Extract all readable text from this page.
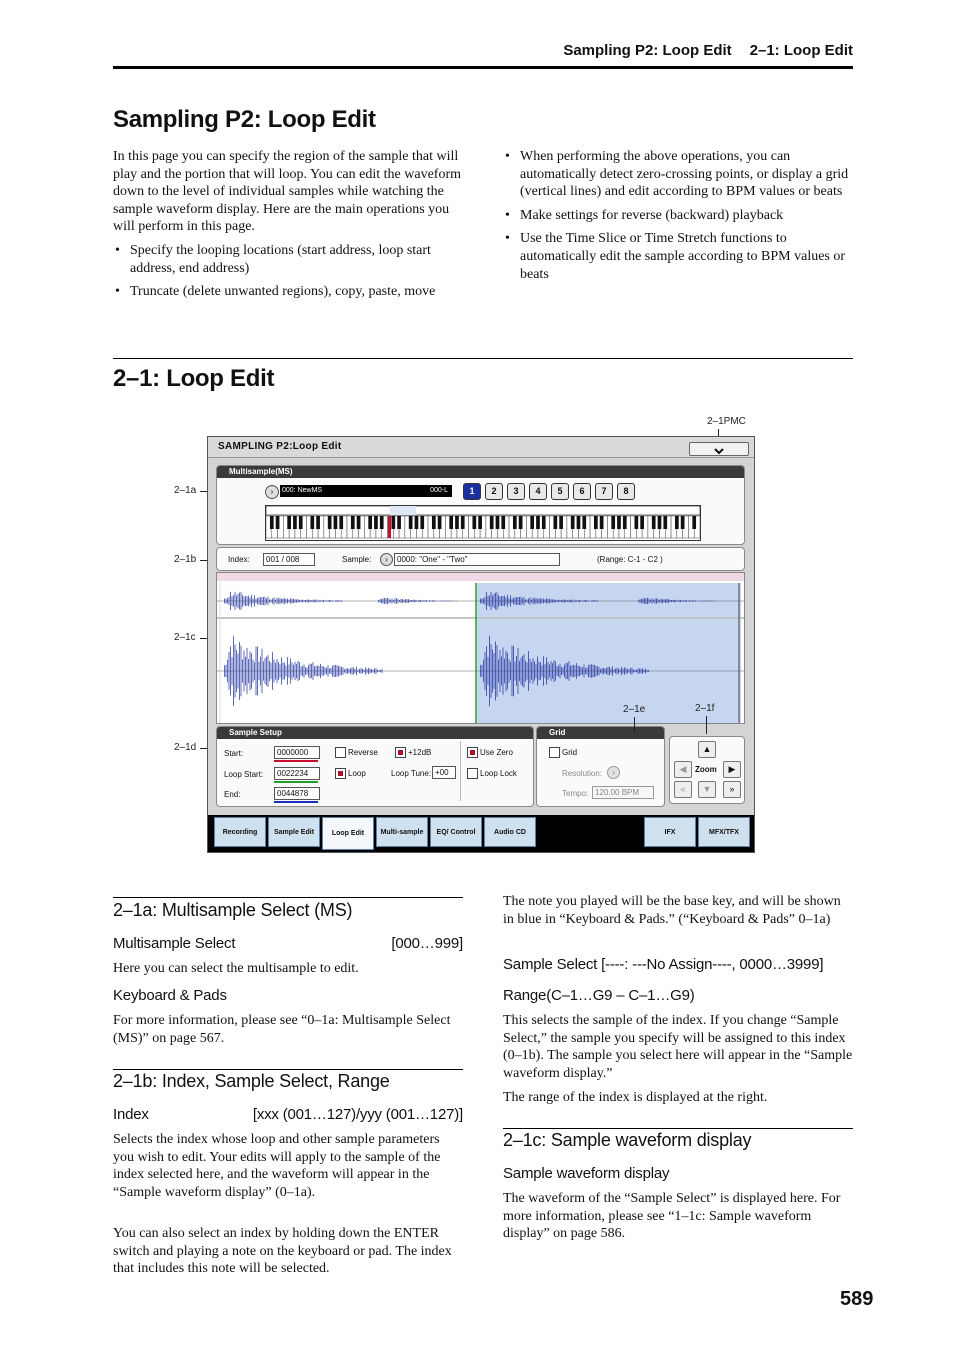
Sampling P2: Loop Edit 2–1: Loop Edit
Sampling P2: Loop Edit

In this page you can specify the region of the sample that will play and the portion that will loop. You can edit the waveform down to the level of individual samples while watching the sample waveform display. Here are the main operations you will perform in this page.

• Specify the looping locations (start address, loop start address, end address)
• Truncate (delete unwanted regions), copy, paste, move
• When performing the above operations, you can automatically detect zero-crossing points, or display a grid (vertical lines) and edit according to BPM values or beats
• Make settings for reverse (backward) playback
• Use the Time Slice or Time Stretch functions to automatically edit the sample according to BPM values or beats
2–1: Loop Edit
2–1PMC
2–1a
2–1b
2–1c
2–1d
SAMPLING P2:Loop Edit
Multisample(MS)
›	000: NewMS	000-L	1	2	3	4	5	6	7	8
Index:	001 / 008	Sample:	›	0000: "One" - "Two"	(Range: C-1 - C2 )
Sample Setup
Start:	0000000
Loop Start:	0022234
End:	0044878
Reverse	+12dB
Loop	Loop Tune: +00
Use Zero
Loop Lock
Grid
Grid
Resolution:	›
Tempo: 120.00 BPM
▲
◀	Zoom	▶
«	▼	»
Recording	Sample Edit	Loop Edit	Multi-sample	EQ/ Control	Audio CD	IFX	MFX/TFX
2–1e	2–1f
2–1a: Multisample Select (MS)
Multisample Select	[000…999]
Here you can select the multisample to edit.
Keyboard & Pads
For more information, please see “0–1a: Multisample Select (MS)” on page 567.
2–1b: Index, Sample Select, Range
Index	[xxx (001…127)/yyy (001…127)]
Selects the index whose loop and other sample parameters you wish to edit. Your edits will apply to the sample of the index selected here, and the waveform will appear in the “Sample waveform display” (0–1a).
You can also select an index by holding down the ENTER switch and playing a note on the keyboard or pad. The index that includes this note will be selected.
The note you played will be the base key, and will be shown in blue in “Keyboard & Pads.” (“Keyboard & Pads” 0–1a)
Sample Select [----: ---No Assign----, 0000…3999]
Range(C–1…G9 – C–1…G9)
This selects the sample of the index. If you change “Sample Select,” the sample you specify will be assigned to this index (0–1b). The sample you select here will appear in the “Sample waveform display.”
The range of the index is displayed at the right.
2–1c: Sample waveform display
Sample waveform display
The waveform of the “Sample Select” is displayed here. For more information, please see “1–1c: Sample waveform display” on page 586.
589
